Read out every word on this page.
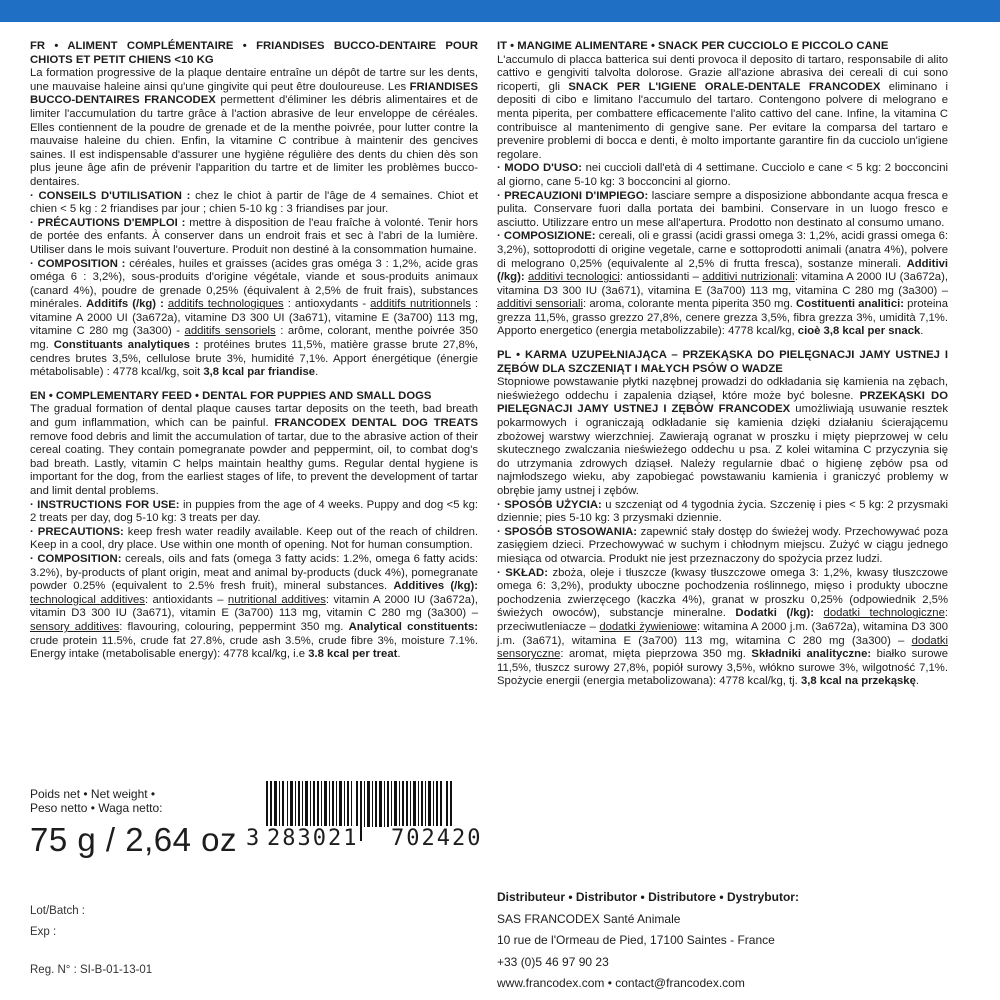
FR • ALIMENT COMPLÉMENTAIRE • FRIANDISES BUCCO-DENTAIRE POUR CHIOTS ET PETIT CHIENS <10 KG

La formation progressive de la plaque dentaire entraîne un dépôt de tartre sur les dents, une mauvaise haleine ainsi qu'une gingivite qui peut être douloureuse. Les FRIANDISES BUCCO-DENTAIRES FRANCODEX permettent d'éliminer les débris alimentaires et de limiter l'accumulation du tartre grâce à l'action abrasive de leur enveloppe de céréales. Elles contiennent de la poudre de grenade et de la menthe poivrée, pour lutter contre la mauvaise haleine du chien. Enfin, la vitamine C contribue à maintenir des gencives saines. Il est indispensable d'assurer une hygiène régulière des dents du chien dès son plus jeune âge afin de prévenir l'apparition du tartre et de limiter les problèmes bucco-dentaires.

· CONSEILS D'UTILISATION : chez le chiot à partir de l'âge de 4 semaines. Chiot et chien < 5 kg : 2 friandises par jour ; chien 5-10 kg : 3 friandises par jour.

· PRÉCAUTIONS D'EMPLOI : mettre à disposition de l'eau fraîche à volonté. Tenir hors de portée des enfants. À conserver dans un endroit frais et sec à l'abri de la lumière. Utiliser dans le mois suivant l'ouverture. Produit non destiné à la consommation humaine.

· COMPOSITION : céréales, huiles et graisses (acides gras oméga 3 : 1,2%, acide gras oméga 6 : 3,2%), sous-produits d'origine végétale, viande et sous-produits animaux (canard 4%), poudre de grenade 0,25% (équivalent à 2,5% de fruit frais), substances minérales. Additifs (/kg) : additifs technologiques : antioxydants - additifs nutritionnels : vitamine A 2000 UI (3a672a), vitamine D3 300 UI (3a671), vitamine E (3a700) 113 mg, vitamine C 280 mg (3a300) - additifs sensoriels : arôme, colorant, menthe poivrée 350 mg. Constituants analytiques : protéines brutes 11,5%, matière grasse brute 27,8%, cendres brutes 3,5%, cellulose brute 3%, humidité 7,1%. Apport énergétique (énergie métabolisable) : 4778 kcal/kg, soit 3,8 kcal par friandise.

EN • COMPLEMENTARY FEED • DENTAL FOR PUPPIES AND SMALL DOGS

The gradual formation of dental plaque causes tartar deposits on the teeth, bad breath and gum inflammation, which can be painful. FRANCODEX DENTAL DOG TREATS remove food debris and limit the accumulation of tartar, due to the abrasive action of their cereal coating. They contain pomegranate powder and peppermint, oil, to combat dog's bad breath. Lastly, vitamin C helps maintain healthy gums. Regular dental hygiene is important for the dog, from the earliest stages of life, to prevent the development of tartar and limit dental problems.

· INSTRUCTIONS FOR USE: in puppies from the age of 4 weeks. Puppy and dog <5 kg: 2 treats per day, dog 5-10 kg: 3 treats per day.

· PRECAUTIONS: keep fresh water readily available. Keep out of the reach of children. Keep in a cool, dry place. Use within one month of opening. Not for human consumption.

· COMPOSITION: cereals, oils and fats (omega 3 fatty acids: 1.2%, omega 6 fatty acids: 3.2%), by-products of plant origin, meat and animal by-products (duck 4%), pomegranate powder 0.25% (equivalent to 2.5% fresh fruit), mineral substances. Additives (/kg): technological additives: antioxidants – nutritional additives: vitamin A 2000 IU (3a672a), vitamin D3 300 IU (3a671), vitamin E (3a700) 113 mg, vitamin C 280 mg (3a300) – sensory additives: flavouring, colouring, peppermint 350 mg. Analytical constituents: crude protein 11.5%, crude fat 27.8%, crude ash 3.5%, crude fibre 3%, moisture 7.1%. Energy intake (metabolisable energy): 4778 kcal/kg, i.e 3.8 kcal per treat.

IT • MANGIME ALIMENTARE • SNACK PER CUCCIOLO E PICCOLO CANE

L'accumulo di placca batterica sui denti provoca il deposito di tartaro, responsabile di alito cattivo e gengiviti talvolta dolorose. Grazie all'azione abrasiva dei cereali di cui sono ricoperti, gli SNACK PER L'IGIENE ORALE-DENTALE FRANCODEX eliminano i depositi di cibo e limitano l'accumulo del tartaro. Contengono polvere di melograno e menta piperita, per combattere efficacemente l'alito cattivo del cane. Infine, la vitamina C contribuisce al mantenimento di gengive sane. Per evitare la comparsa del tartaro e prevenire problemi di bocca e denti, è molto importante garantire fin da cucciolo un'igiene regolare.

· MODO D'USO: nei cuccioli dall'età di 4 settimane. Cucciolo e cane < 5 kg: 2 bocconcini al giorno, cane 5-10 kg: 3 bocconcini al giorno.

· PRECAUZIONI D'IMPIEGO: lasciare sempre a disposizione abbondante acqua fresca e pulita. Conservare fuori dalla portata dei bambini. Conservare in un luogo fresco e asciutto. Utilizzare entro un mese all'apertura. Prodotto non destinato al consumo umano.

· COMPOSIZIONE: cereali, oli e grassi (acidi grassi omega 3: 1,2%, acidi grassi omega 6: 3,2%), sottoprodotti di origine vegetale, carne e sottoprodotti animali (anatra 4%), polvere di melograno 0,25% (equivalente al 2,5% di frutta fresca), sostanze minerali. Additivi (/kg): additivi tecnologici: antiossidanti – additivi nutrizionali: vitamina A 2000 IU (3a672a), vitamina D3 300 IU (3a671), vitamina E (3a700) 113 mg, vitamina C 280 mg (3a300) – additivi sensoriali: aroma, colorante menta piperita 350 mg. Costituenti analitici: proteina grezza 11,5%, grasso grezzo 27,8%, cenere grezza 3,5%, fibra grezza 3%, umidità 7,1%. Apporto energetico (energia metabolizzabile): 4778 kcal/kg, cioè 3,8 kcal per snack.

PL • KARMA UZUPEŁNIAJĄCA – PRZEKĄSKA DO PIELĘGNACJI JAMY USTNEJ I ZĘBÓW DLA SZCZENIĄT I MAŁYCH PSÓW O WADZE

Stopniowe powstawanie płytki nazębnej prowadzi do odkładania się kamienia na zębach, nieświeżego oddechu i zapalenia dziąseł, które może być bolesne. PRZEKĄSKI DO PIELĘGNACJI JAMY USTNEJ I ZĘBÓW FRANCODEX umożliwiają usuwanie resztek pokarmowych i ograniczają odkładanie się kamienia dzięki działaniu ścierającemu zbożowej warstwy wierzchniej. Zawierają ogranat w proszku i mięty pieprzowej w celu skutecznego zwalczania nieświeżego oddechu u psa. Z kolei witamina C przyczynia się do utrzymania zdrowych dziąseł. Należy regularnie dbać o higienę zębów psa od najmłodszego wieku, aby zapobiegać powstawaniu kamienia i graniczyć problemy w obrębie jamy ustnej i zębów.

· SPOSÓB UŻYCIA: u szczeniąt od 4 tygodnia życia. Szczenię i pies < 5 kg: 2 przysmaki dziennie; pies 5-10 kg: 3 przysmaki dziennie.

· SPOSÓB STOSOWANIA: zapewnić stały dostęp do świeżej wody. Przechowywać poza zasięgiem dzieci. Przechowywać w suchym i chłodnym miejscu. Zużyć w ciągu jednego miesiąca od otwarcia. Produkt nie jest przeznaczony do spożycia przez ludzi.

· SKŁAD: zboża, oleje i tłuszcze (kwasy tłuszczowe omega 3: 1,2%, kwasy tłuszczowe omega 6: 3,2%), produkty uboczne pochodzenia roślinnego, mięso i produkty uboczne pochodzenia zwierzęcego (kaczka 4%), granat w proszku 0,25% (odpowiednik 2,5% świeżych owoców), substancje mineralne. Dodatki (/kg): dodatki technologiczne: przeciwutleniacze – dodatki żywieniowe: witamina A 2000 j.m. (3a672a), witamina D3 300 j.m. (3a671), witamina E (3a700) 113 mg, witamina C 280 mg (3a300) – dodatki sensoryczne: aromat, mięta pieprzowa 350 mg. Składniki analityczne: białko surowe 11,5%, tłuszcz surowy 27,8%, popiół surowy 3,5%, włókno surowe 3%, wilgotność 7,1%. Spożycie energii (energia metabolizowana): 4778 kcal/kg, tj. 3,8 kcal na przekąskę.

Poids net • Net weight •
Peso netto • Waga netto:
75 g / 2,64 oz 3 283021 702420
Lot/Batch :
Exp :
Reg. N° : SI-B-01-13-01
Distributeur • Distributor • Distributore • Dystrybutor:
SAS FRANCODEX Santé Animale
10 rue de l'Ormeau de Pied, 17100 Saintes - France
+33 (0)5 46 97 90 23
www.francodex.com • contact@francodex.com
